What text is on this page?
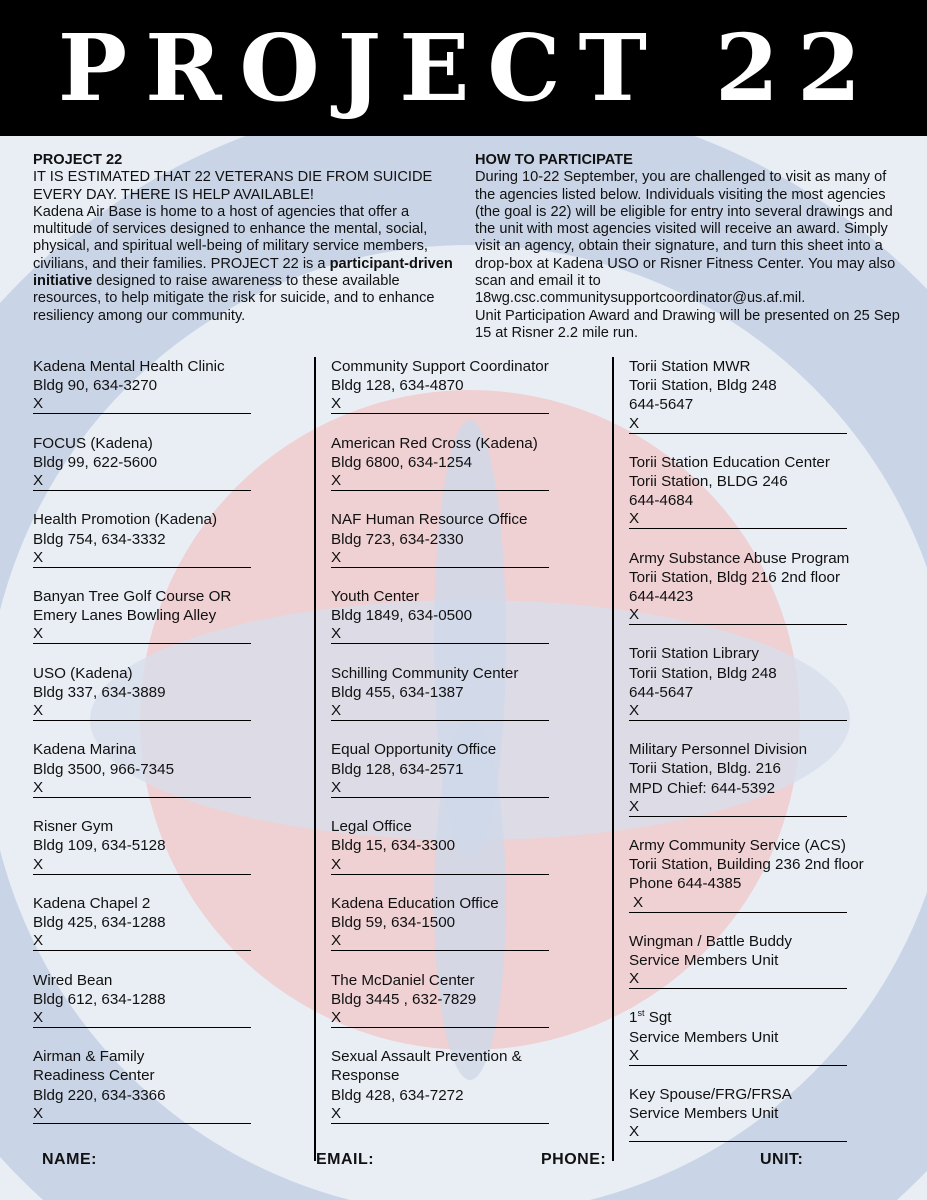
PROJECT 22
PROJECT 22
IT IS ESTIMATED THAT 22 VETERANS DIE FROM SUICIDE EVERY DAY. THERE IS HELP AVAILABLE!
Kadena Air Base is home to a host of agencies that offer a multitude of services designed to enhance the mental, social, physical, and spiritual well-being of military service members, civilians, and their families. PROJECT 22 is a participant-driven initiative designed to raise awareness to these available resources, to help mitigate the risk for suicide, and to enhance resiliency among our community.
HOW TO PARTICIPATE
During 10-22 September, you are challenged to visit as many of the agencies listed below. Individuals visiting the most agencies (the goal is 22) will be eligible for entry into several drawings and the unit with most agencies visited will receive an award. Simply visit an agency, obtain their signature, and turn this sheet into a drop-box at Kadena USO or Risner Fitness Center. You may also scan and email it to 18wg.csc.communitysupportcoordinator@us.af.mil.
Unit Participation Award and Drawing will be presented on 25 Sep 15 at Risner 2.2 mile run.
Kadena Mental Health Clinic
Bldg 90, 634-3270
X
FOCUS (Kadena)
Bldg 99, 622-5600
X
Health Promotion (Kadena)
Bldg 754, 634-3332
X
Banyan Tree Golf Course OR
Emery Lanes Bowling Alley
X
USO (Kadena)
Bldg 337, 634-3889
X
Kadena Marina
Bldg 3500, 966-7345
X
Risner Gym
Bldg 109, 634-5128
X
Kadena Chapel 2
Bldg 425, 634-1288
X
Wired Bean
Bldg 612, 634-1288
X
Airman & Family
Readiness Center
Bldg 220, 634-3366
X
Community Support Coordinator
Bldg 128, 634-4870
X
American Red Cross (Kadena)
Bldg 6800, 634-1254
X
NAF Human Resource Office
Bldg 723, 634-2330
X
Youth Center
Bldg 1849, 634-0500
X
Schilling Community Center
Bldg 455, 634-1387
X
Equal Opportunity Office
Bldg 128, 634-2571
X
Legal Office
Bldg 15, 634-3300
X
Kadena Education Office
Bldg 59, 634-1500
X
The McDaniel Center
Bldg 3445 , 632-7829
X
Sexual Assault Prevention &
Response
Bldg 428, 634-7272
X
Torii Station MWR
Torii Station, Bldg 248
644-5647
X
Torii Station Education Center
Torii Station, BLDG 246
644-4684
X
Army Substance Abuse Program
Torii Station, Bldg 216 2nd floor
644-4423
X
Torii Station Library
Torii Station, Bldg 248
644-5647
X
Military Personnel Division
Torii Station, Bldg. 216
MPD Chief: 644-5392
X
Army Community Service (ACS)
Torii Station, Building 236 2nd floor
Phone 644-4385
X
Wingman / Battle Buddy
Service Members Unit
X
1st Sgt
Service Members Unit
X
Key Spouse/FRG/FRSA
Service Members Unit
X
NAME:	EMAIL:	PHONE:	UNIT:
